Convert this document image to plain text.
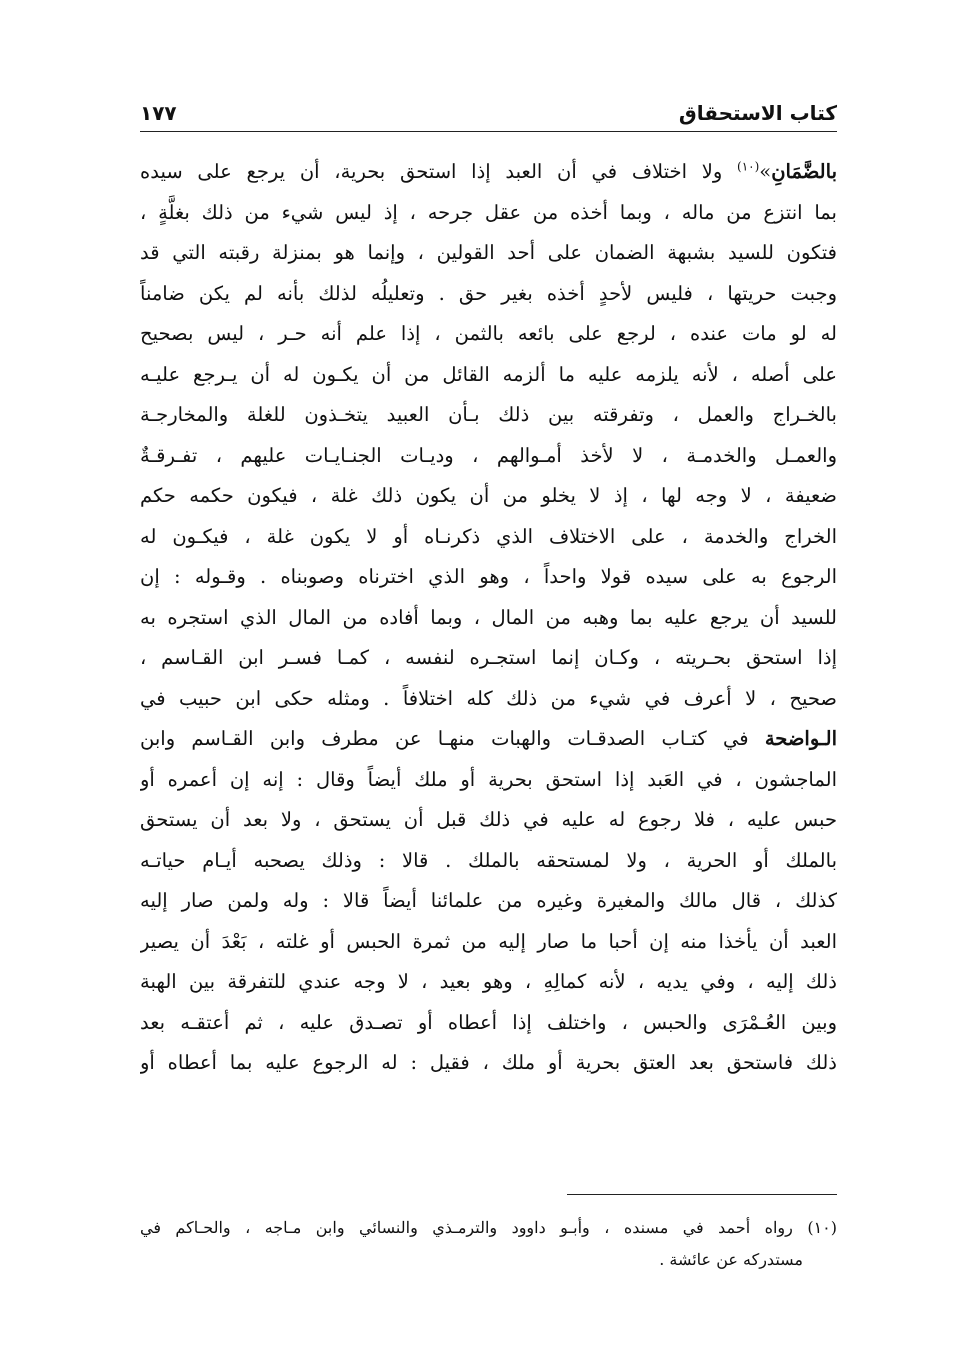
كتاب الاستحقاق
١٧٧
بالضَّمَانِ»$^{(١٠)}$ ولا اختلاف في أن العبد إذا استحق بحرية، أن يرجع على سيده
بما انتزع من ماله ، وبما أخذه من عقل جرحه ، إذ ليس شيء من ذلك بغلَّةٍ ،
فتكون للسيد بشبهة الضمان على أحد القولين ، وإنما هو بمنزلة رقبته التي قد
وجبت حريتها ، فليس لأحدٍ أخذه بغير حق . وتعليلُه لذلك بأنه لم يكن ضامناً
له لو مات عنده ، لرجع على بائعه بالثمن ، إذا علم أنه حـر ، ليس بصحيح
على أصله ، لأنه يلزمه عليه ما ألزمه القائل من أن يكـون له أن يـرجع عليـه
بالخـراج والعمل ، وتفرقته بين ذلك بـأن العبيد يتخـذون للغلة والمخارجـة
والعمـل والخدمـة ، لا لأخذ أمـوالهم ، وديـات الجنـايـات عليهم ، تفـرقـةٌ
ضعيفة ، لا وجه لها ، إذ لا يخلو من أن يكون ذلك غلة ، فيكون حكمه حكم
الخراج والخدمة ، على الاختلاف الذي ذكرنـاه أو لا يكون غلة ، فيكـون له
الرجوع به على سيده قولا واحداً ، وهو الذي اخترناه وصوبناه . وقـوله : إن
للسيد أن يرجع عليه بما وهبه من المال ، وبما أفاده من المال الذي استجره به
إذا استحق بحـريته ، وكـان إنما استجـره لنفسه ، كمـا فسـر ابن القـاسم ،
صحيح ، لا أعرف في شيء من ذلك كله اختلافاً . ومثله حكى ابن حبيب في
الـواضحة في كتـاب الصدقـات والهبات منهـا عن مطرف وابن القـاسم وابن
الماجشون ، في العَبد إذا استحق بحرية أو ملك أيضاً وقال : إنه إن أعمره أو
حبس عليه ، فلا رجوع له عليه في ذلك قبل أن يستحق ، ولا بعد أن يستحق
بالملك أو الحرية ، ولا لمستحقه بالملك . قالا : وذلك يصحبه أيـام حياتـه
كذلك ، قال مالك والمغيرة وغيره من علمائنا أيضاً قالا : وله ولمن صار إليه
العبد أن يأخذا منه إن أحبا ما صار إليه من ثمرة الحبس أو غلته ، بَعْدَ أن يصير
ذلك إليه ، وفي يديه ، لأنه كمالِهِ ، وهو بعيد ، لا وجه عندي للتفرقة بين الهبة
وبين العُـمْرَى والحبس ، واختلف إذا أعطاه أو تصـدق عليه ، ثم أعتقـه بعد
ذلك فاستحق بعد العتق بحرية أو ملك ، فقيل : له الرجوع عليه بما أعطاه أو
(١٠) رواه أحمد في مسنده ، وأبـو داوود والترمـذي والنسائي وابن مـاجه ، والحـاكم في
مستدركه عن عائشة .
